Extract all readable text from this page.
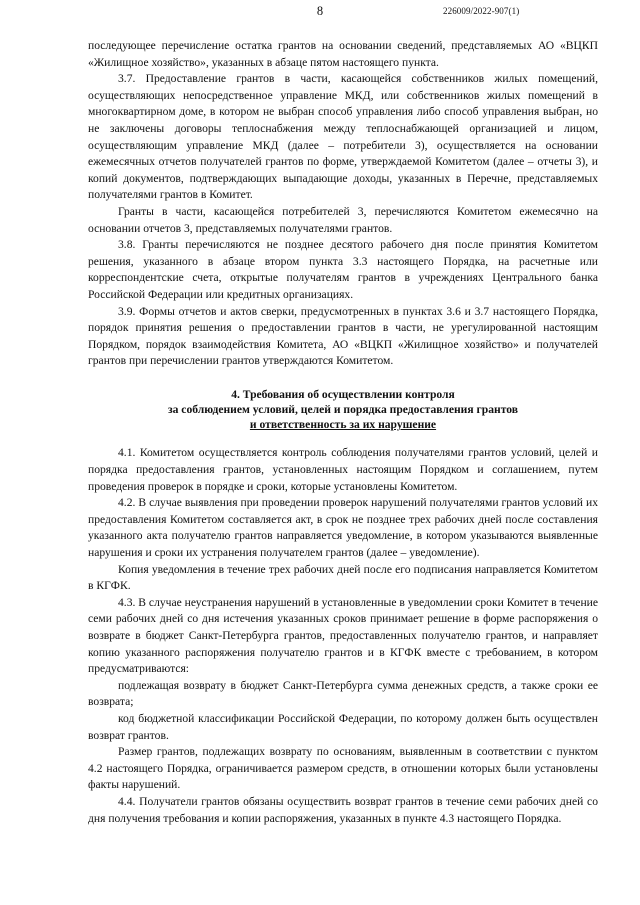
8	226009/2022-907(1)

последующее перечисление остатка грантов на основании сведений, представляемых АО «ВЦКП «Жилищное хозяйство», указанных в абзаце пятом настоящего пункта.

3.7. Предоставление грантов в части, касающейся собственников жилых помещений, осуществляющих непосредственное управление МКД, или собственников жилых помещений в многоквартирном доме, в котором не выбран способ управления либо способ управления выбран, но не заключены договоры теплоснабжения между теплоснабжающей организацией и лицом, осуществляющим управление МКД (далее – потребители 3), осуществляется на основании ежемесячных отчетов получателей грантов по форме, утверждаемой Комитетом (далее – отчеты 3), и копий документов, подтверждающих выпадающие доходы, указанных в Перечне, представляемых получателями грантов в Комитет.

Гранты в части, касающейся потребителей 3, перечисляются Комитетом ежемесячно на основании отчетов 3, представляемых получателями грантов.

3.8. Гранты перечисляются не позднее десятого рабочего дня после принятия Комитетом решения, указанного в абзаце втором пункта 3.3 настоящего Порядка, на расчетные или корреспондентские счета, открытые получателям грантов в учреждениях Центрального банка Российской Федерации или кредитных организациях.

3.9. Формы отчетов и актов сверки, предусмотренных в пунктах 3.6 и 3.7 настоящего Порядка, порядок принятия решения о предоставлении грантов в части, не урегулированной настоящим Порядком, порядок взаимодействия Комитета, АО «ВЦКП «Жилищное хозяйство» и получателей грантов при перечислении грантов утверждаются Комитетом.

4. Требования об осуществлении контроля

за соблюдением условий, целей и порядка предоставления грантов

и ответственность за их нарушение

4.1. Комитетом осуществляется контроль соблюдения получателями грантов условий, целей и порядка предоставления грантов, установленных настоящим Порядком и соглашением, путем проведения проверок в порядке и сроки, которые установлены Комитетом.

4.2. В случае выявления при проведении проверок нарушений получателями грантов условий их предоставления Комитетом составляется акт, в срок не позднее трех рабочих дней после составления указанного акта получателю грантов направляется уведомление, в котором указываются выявленные нарушения и сроки их устранения получателем грантов (далее – уведомление).

Копия уведомления в течение трех рабочих дней после его подписания направляется Комитетом в КГФК.

4.3. В случае неустранения нарушений в установленные в уведомлении сроки Комитет в течение семи рабочих дней со дня истечения указанных сроков принимает решение в форме распоряжения о возврате в бюджет Санкт-Петербурга грантов, предоставленных получателю грантов, и направляет копию указанного распоряжения получателю грантов и в КГФК вместе с требованием, в котором предусматриваются:

подлежащая возврату в бюджет Санкт-Петербурга сумма денежных средств, а также сроки ее возврата;

код бюджетной классификации Российской Федерации, по которому должен быть осуществлен возврат грантов.

Размер грантов, подлежащих возврату по основаниям, выявленным в соответствии с пунктом 4.2 настоящего Порядка, ограничивается размером средств, в отношении которых были установлены факты нарушений.

4.4. Получатели грантов обязаны осуществить возврат грантов в течение семи рабочих дней со дня получения требования и копии распоряжения, указанных в пункте 4.3 настоящего Порядка.
